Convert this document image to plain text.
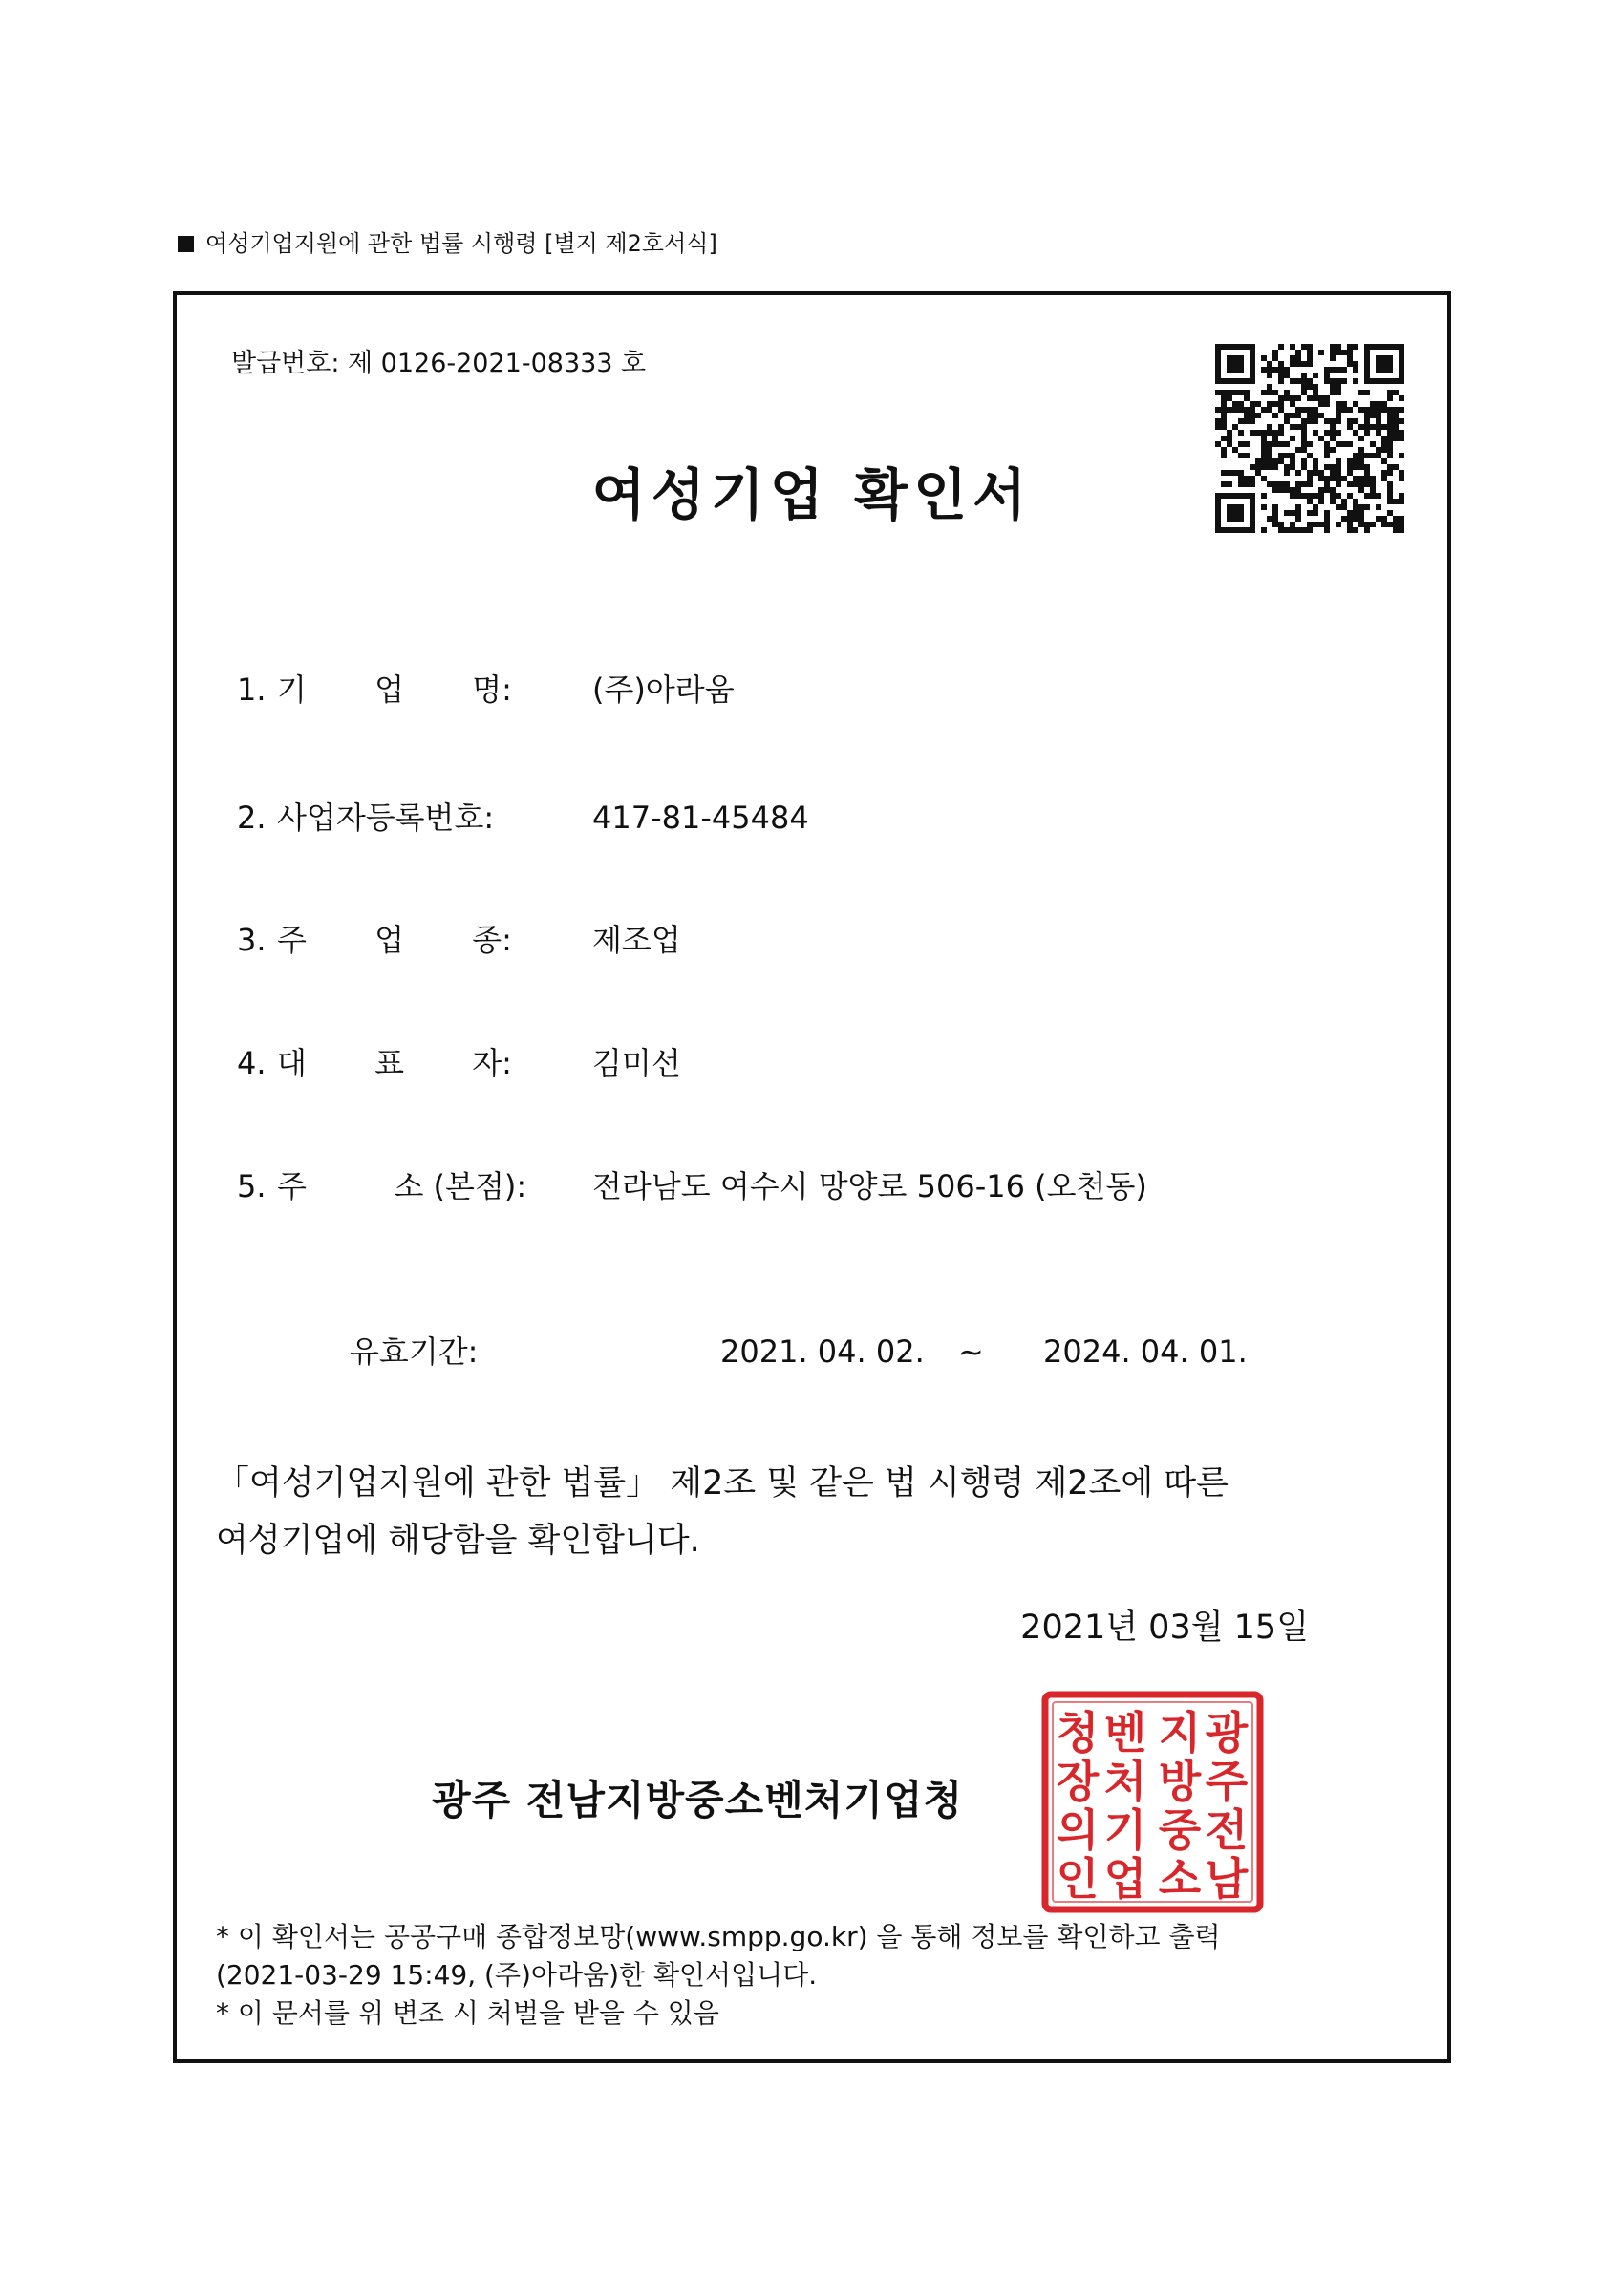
여성기업지원에 관한 법률 시행령 [별지 제2호서식]
발급번호: 제 0126-2021-08333 호
여성기업 확인서
1. 기       업       명:	(주)아라움
2. 사업자등록번호:	417-81-45484
3. 주       업       종:	제조업
4. 대       표       자:	김미선
5. 주         소 (본점): 전라남도 여수시 망양로 506-16 (오천동)
유효기간:	2021. 04. 02. ~ 2024. 04. 01.
「여성기업지원에 관한 법률」 제2조 및 같은 법 시행령 제2조에 따른
여성기업에 해당함을 확인합니다.
2021년 03월 15일
광주 전남지방중소벤처기업청
광
주
전
남
지
방
중
소
벤
처
기
업
청
장
의
인
* 이 확인서는 공공구매 종합정보망(www.smpp.go.kr) 을 통해 정보를 확인하고 출력
(2021-03-29 15:49, (주)아라움)한 확인서입니다.
* 이 문서를 위 변조 시 처벌을 받을 수 있음
